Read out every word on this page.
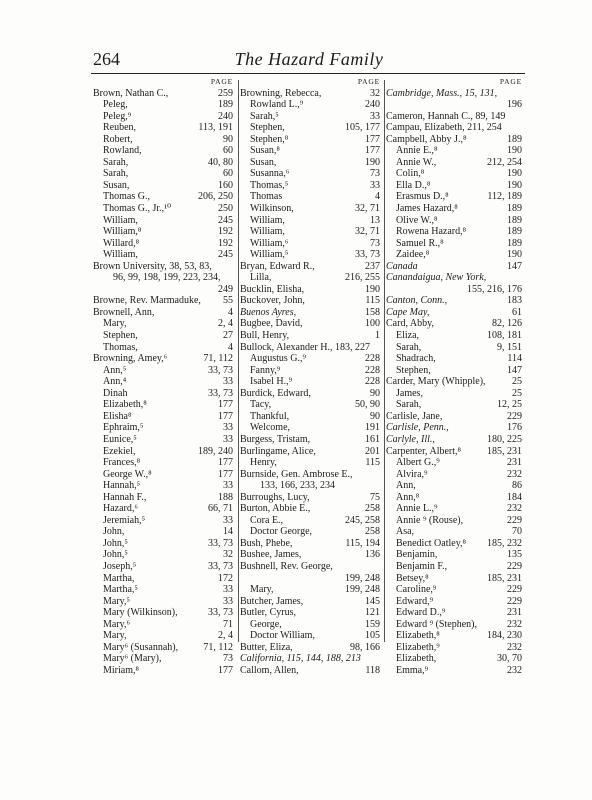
264	The Hazard Family
PAGE
Brown, Nathan C.,	259
Peleg,	189
Peleg,⁹	240
Reuben,	113, 191
Robert,	90
Rowland,	60
Sarah,	40, 80
Sarah,	60
Susan,	160
Thomas G.,	206, 250
Thomas G., Jr.,¹⁰	250
William,	245
William,⁸	192
Willard,⁸	192
William,	245
Brown University, 38, 53, 83,
96, 99, 198, 199, 223, 234,
249
Browne, Rev. Marmaduke, 55
Brownell, Ann,	4
Mary,	2, 4
Stephen,	27
Thomas,	4
Browning, Amey,⁶	71, 112
Ann,⁵	33, 73
Ann,⁴	33
Dinah	33, 73
Elizabeth,⁸	177
Elisha⁸	177
Ephraim,⁵	33
Eunice,⁵	33
Ezekiel,	189, 240
Frances,⁸	177
George W.,⁸	177
Hannah,⁵	33
Hannah F.,	188
Hazard,⁶	66, 71
Jeremiah,⁵	33
John,	14
John,⁵	33, 73
John,⁵	32
Joseph,⁵	33, 73
Martha,	172
Martha,⁵	33
Mary,⁵	33
Mary (Wilkinson),	33, 73
Mary,⁶	71
Mary,	2, 4
Mary⁶ (Susannah),	71, 112
Mary⁶ (Mary),	73
Miriam,⁸	177
PAGE
Browning, Rebecca,	32
Rowland L.,⁹	240
Sarah,⁵	33
Stephen,	105, 177
Stephen,⁸	177
Susan,⁸	177
Susan,	190
Susanna,⁶	73
Thomas,⁵	33
Thomas	4
Wilkinson,	32, 71
William,	13
William,	32, 71
William,⁶	73
William,⁵	33, 73
Bryan, Edward R.,	237
Lilla,	216, 255
Bucklin, Elisha,	190
Buckover, John,	115
Buenos Ayres,	158
Bugbee, David,	100
Bull, Henry,	1
Bullock, Alexander H., 183, 227
Augustus G.,⁹	228
Fanny,⁹	228
Isabel H.,⁹	228
Burdick, Edward,	90
Tacy,	50, 90
Thankful,	90
Welcome,	191
Burgess, Tristam,	161
Burlingame, Alice,	201
Henry,	115
Burnside, Gen. Ambrose E.,
133, 166, 233, 234
Burroughs, Lucy,	75
Burton, Abbie E.,	258
Cora E.,	245, 258
Doctor George,	258
Bush, Phebe,	115, 194
Bushee, James,	136
Bushnell, Rev. George,
199, 248
Mary,	199, 248
Butcher, James,	145
Butler, Cyrus,	121
George,	159
Doctor William,	105
Butter, Eliza,	98, 166
California, 115, 144, 188, 213
Callom, Allen,	118
PAGE
Cambridge, Mass., 15, 131,
196
Cameron, Hannah C., 89, 149
Campau, Elizabeth, 211, 254
Campbell, Abby J.,⁸	189
Annie E.,⁸	190
Annie W.,	212, 254
Colin,⁸	190
Ella D.,⁸	190
Erasmus D.,⁸	112, 189
James Hazard,⁸	189
Olive W.,⁸	189
Rowena Hazard,⁸	189
Samuel R.,⁸	189
Zaidee,⁸	190
Canada	147
Canandaigua, New York,
155, 216, 176
Canton, Conn.,	183
Cape May,	61
Card, Abby,	82, 126
Eliza,	108, 181
Sarah,	9, 151
Shadrach,	114
Stephen,	147
Carder, Mary (Whipple),	25
James,	25
Sarah,	12, 25
Carlisle, Jane,	229
Carlisle, Penn.,	176
Carlyle, Ill.,	180, 225
Carpenter, Albert,⁸	185, 231
Albert G.,⁹	231
Alvira,⁹	232
Ann,	86
Ann,⁸	184
Annie L.,⁹	232
Annie ⁹ (Rouse),	229
Asa,	70
Benedict Oatley,⁸ 185, 232
Benjamin,	135
Benjamin F.,	229
Betsey,⁸	185, 231
Caroline,⁹	229
Edward,⁹	229
Edward D.,⁹	231
Edward ⁹ (Stephen),	232
Elizabeth,⁸	184, 230
Elizabeth,⁹	232
Elizabeth,	30, 70
Emma,⁹	232
